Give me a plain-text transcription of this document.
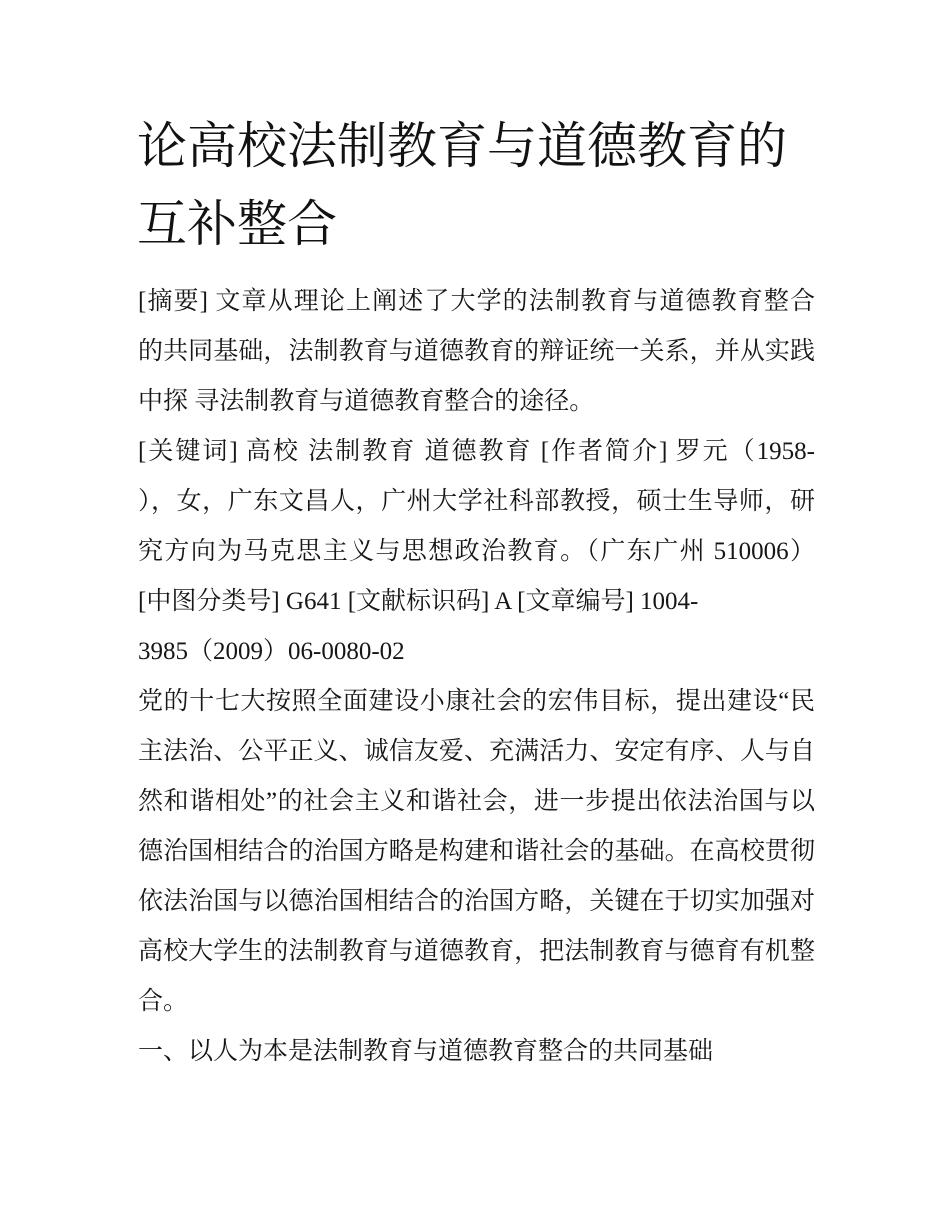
论高校法制教育与道德教育的
互补整合

[摘要] 文章从理论上阐述了大学的法制教育与道德教育整合

的共同基础，法制教育与道德教育的辩证统一关系，并从实践

中探 寻法制教育与道德教育整合的途径。

[关键词] 高校 法制教育 道德教育 [作者简介] 罗元（1958-

），女，广东文昌人，广州大学社科部教授，硕士生导师，研

究方向为马克思主义与思想政治教育。（广东广州 510006）

[中图分类号] G641 [文献标识码] A [文章编号] 1004-

3985（2009）06-0080-02

党的十七大按照全面建设小康社会的宏伟目标，提出建设“民

主法治、公平正义、诚信友爱、充满活力、安定有序、人与自

然和谐相处”的社会主义和谐社会，进一步提出依法治国与以

德治国相结合的治国方略是构建和谐社会的基础。在高校贯彻

依法治国与以德治国相结合的治国方略，关键在于切实加强对

高校大学生的法制教育与道德教育，把法制教育与德育有机整

合。

一、以人为本是法制教育与道德教育整合的共同基础
